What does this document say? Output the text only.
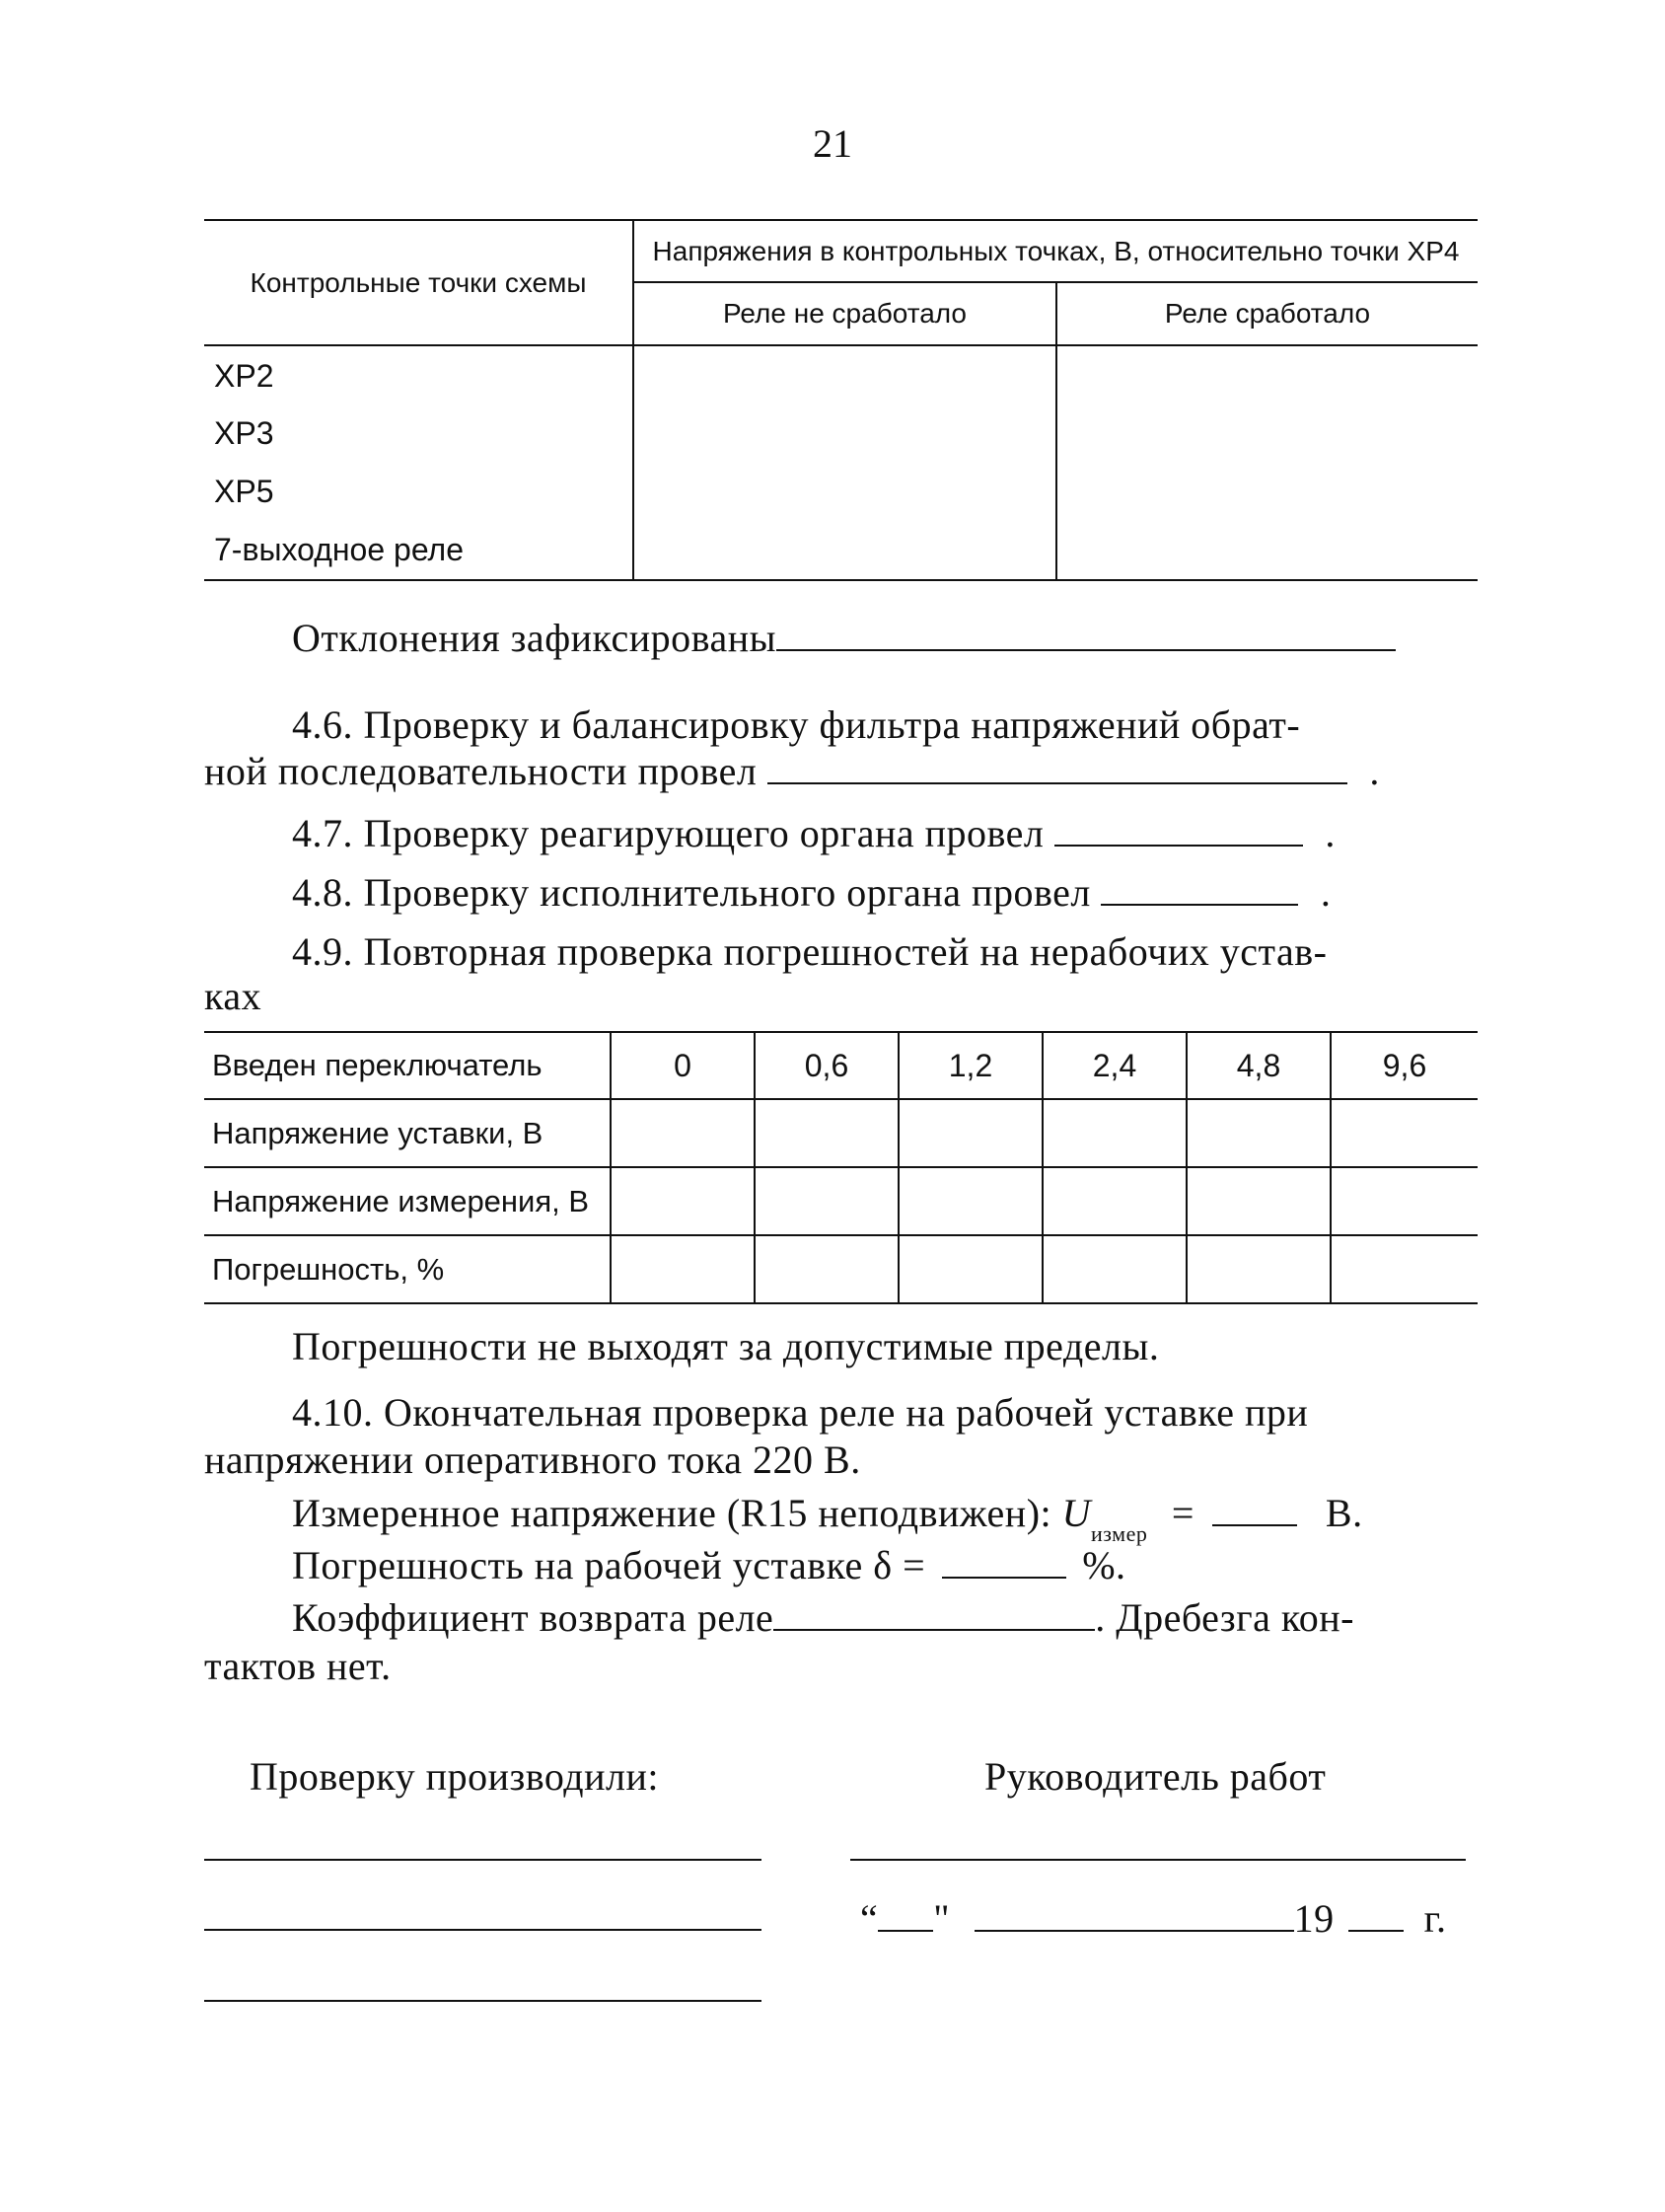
21
Контрольные точки схемы
Напряжения в контрольных точках, В, относительно точки ХР4
Реле не сработало	Реле сработало
ХР2
ХР3
ХР5
7-выходное реле
Отклонения зафиксированы
4.6. Проверку и балансировку фильтра напряжений обрат-
ной последовательности провел	.
4.7. Проверку реагирующего органа провел	.
4.8. Проверку исполнительного органа провел	.
4.9. Повторная проверка погрешностей на нерабочих устав-
ках
Введен переключатель	0	0,6	1,2	2,4	4,8	9,6
Напряжение уставки, В
Напряжение измерения, В
Погрешность, %
Погрешности не выходят за допустимые пределы.
4.10. Окончательная проверка реле на рабочей уставке при
напряжении оперативного тока 220 В.
Измеренное напряжение (R15 неподвижен): $U_{измер}$ =	В.
Погрешность на рабочей уставке δ =	%.
Коэффициент возврата реле	. Дребезга кон-
тактов нет.
Проверку производили:	Руководитель работ
“ "	19 г.
